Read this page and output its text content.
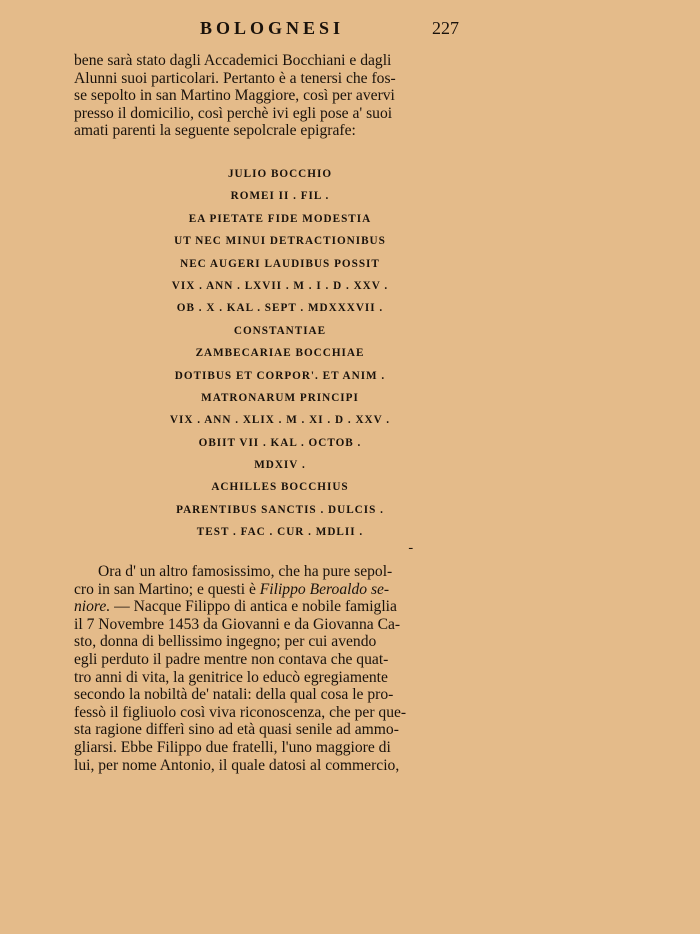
BOLOGNESI	227

bene sarà stato dagli Accademici Bocchiani e dagli
Alunni suoi particolari. Pertanto è a tenersi che fos-
se sepolto in san Martino Maggiore, così per avervi
presso il domicilio, così perchè ivi egli pose a' suoi
amati parenti la seguente sepolcrale epigrafe:

JULIO BOCCHIO
ROMEI II . FIL .
EA PIETATE FIDE MODESTIA
UT NEC MINUI DETRACTIONIBUS
NEC AUGERI LAUDIBUS POSSIT
VIX . ANN . LXVII . M . I . D . XXV .
OB . X . KAL . SEPT . MDXXXVII .
CONSTANTIAE
ZAMBECARIAE BOCCHIAE
DOTIBUS ET CORPOR'. ET ANIM .
MATRONARUM PRINCIPI
VIX . ANN . XLIX . M . XI . D . XXV .
OBIIT VII . KAL . OCTOB .
MDXIV .
ACHILLES BOCCHIUS
PARENTIBUS SANCTIS . DULCIS .
TEST . FAC . CUR . MDLII .
ـ

Ora d' un altro famosissimo, che ha pure sepol-
cro in san Martino; e questi è Filippo Beroaldo se-
niore. — Nacque Filippo di antica e nobile famiglia
il 7 Novembre 1453 da Giovanni e da Giovanna Ca-
sto, donna di bellissimo ingegno; per cui avendo
egli perduto il padre mentre non contava che quat-
tro anni di vita, la genitrice lo educò egregiamente
secondo la nobiltà de' natali: della qual cosa le pro-
fessò il figliuolo così viva riconoscenza, che per que-
sta ragione differì sino ad età quasi senile ad ammo-
gliarsi. Ebbe Filippo due fratelli, l'uno maggiore di
lui, per nome Antonio, il quale datosi al commercio,
